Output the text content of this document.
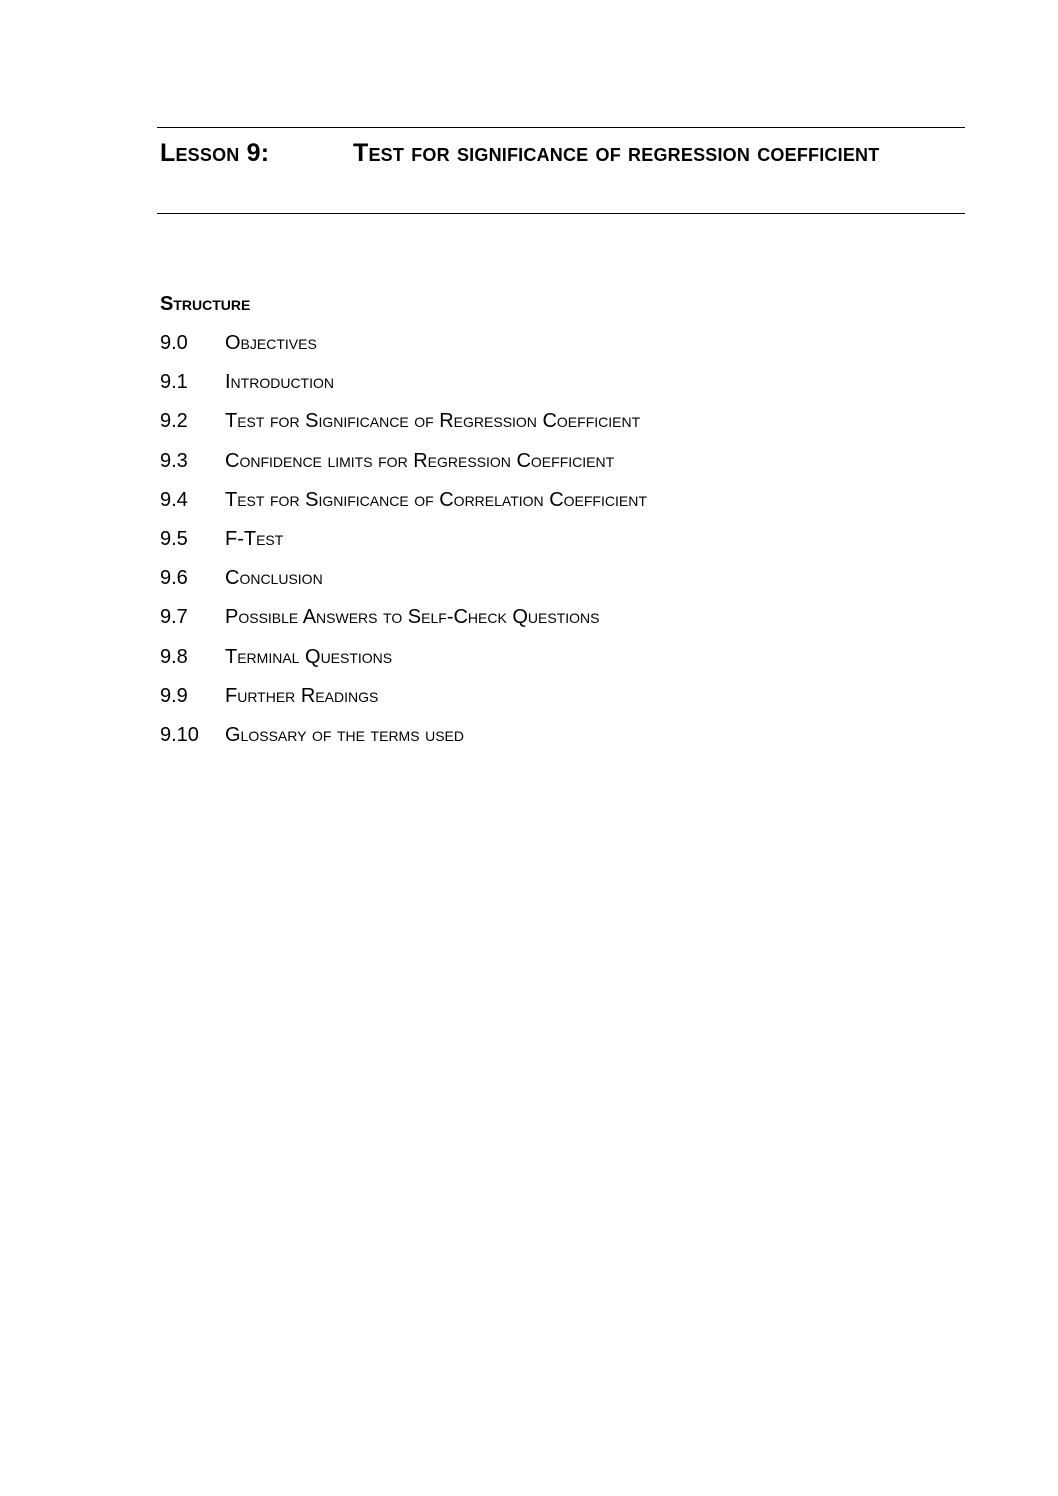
Lesson 9:	Test for significance of regression coefficient
Structure
9.0	Objectives
9.1	Introduction
9.2	Test for Significance of Regression Coefficient
9.3	Confidence limits for Regression Coefficient
9.4	Test for Significance of Correlation Coefficient
9.5	F-Test
9.6	Conclusion
9.7	Possible Answers to Self-Check Questions
9.8	Terminal Questions
9.9	Further Readings
9.10	Glossary of the terms used
